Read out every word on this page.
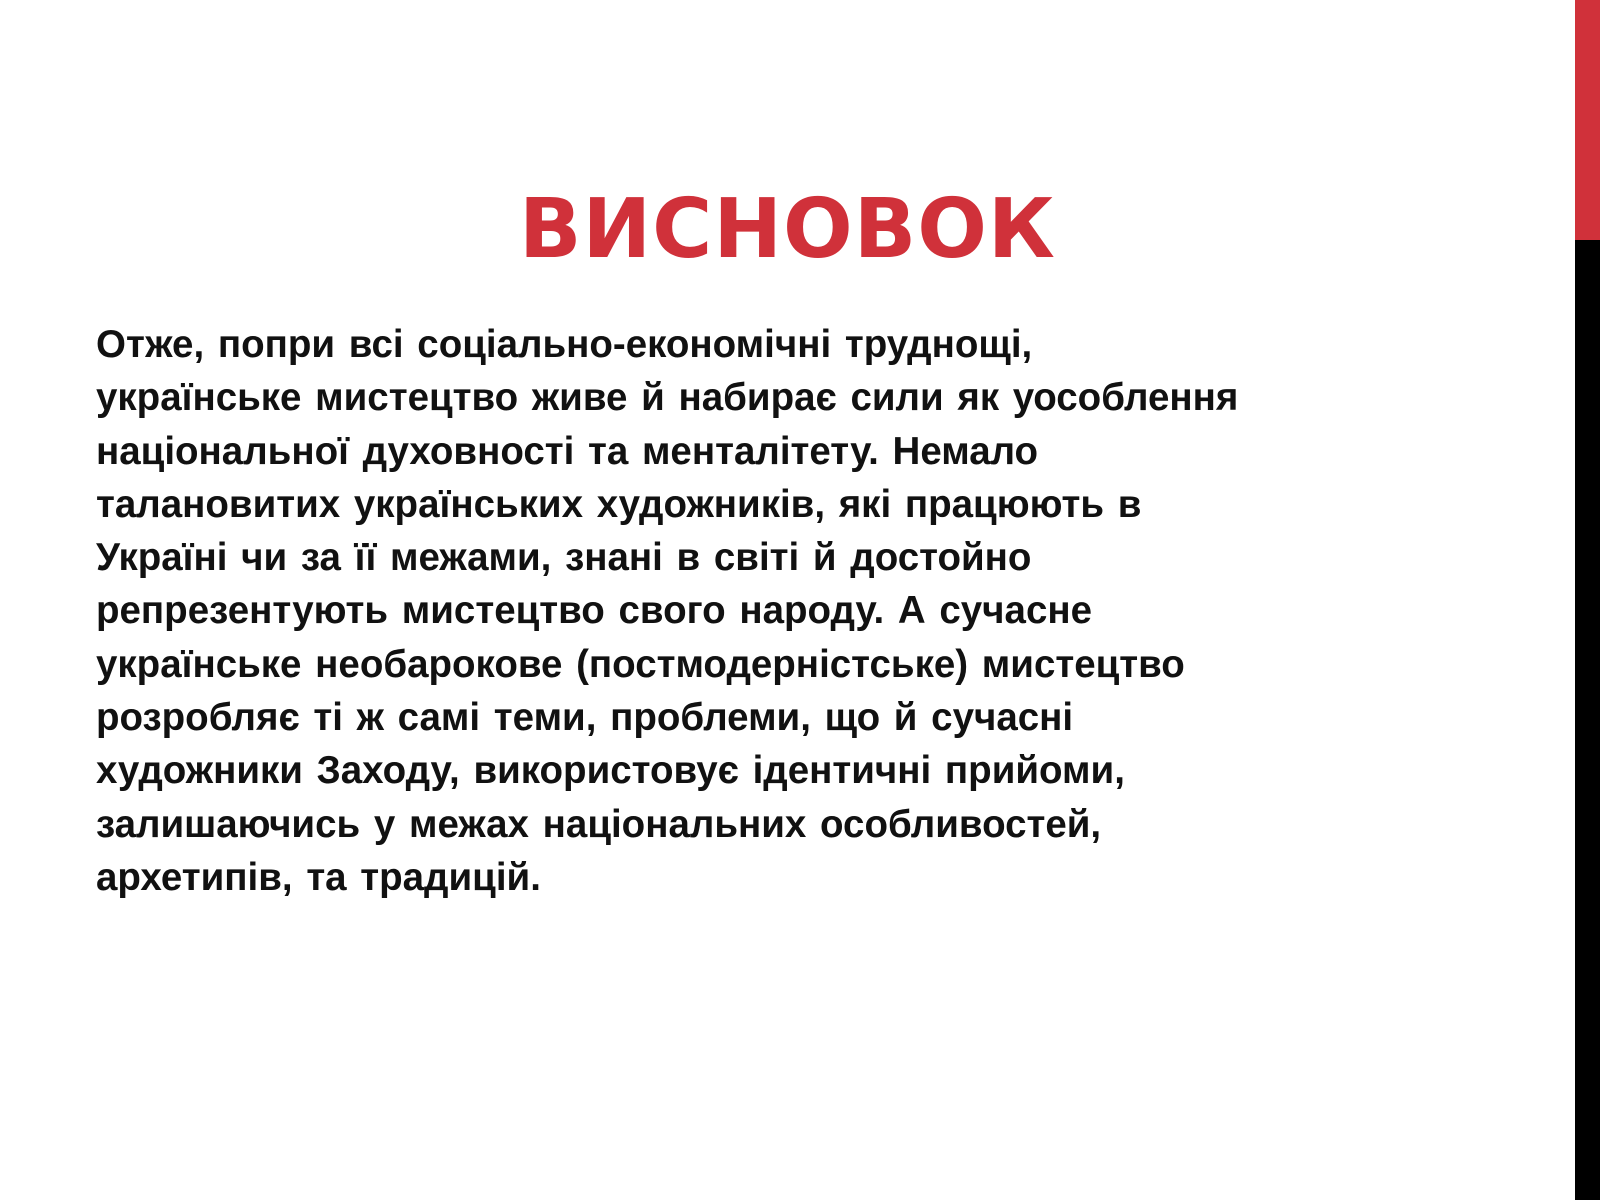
ВИСНОВОК
Отже, попри всі соціально-економічні труднощі,
українське мистецтво живе й набирає сили як уособлення
національної духовності та менталітету. Немало
талановитих українських художників, які працюють в
Україні чи за її межами, знані в світі й достойно
репрезентують мистецтво свого народу. А сучасне
українське необарокове (постмодерністське) мистецтво
розробляє ті ж самі теми, проблеми, що й сучасні
художники Заходу, використовує ідентичні прийоми,
залишаючись у межах національних особливостей,
архетипів, та традицій.
